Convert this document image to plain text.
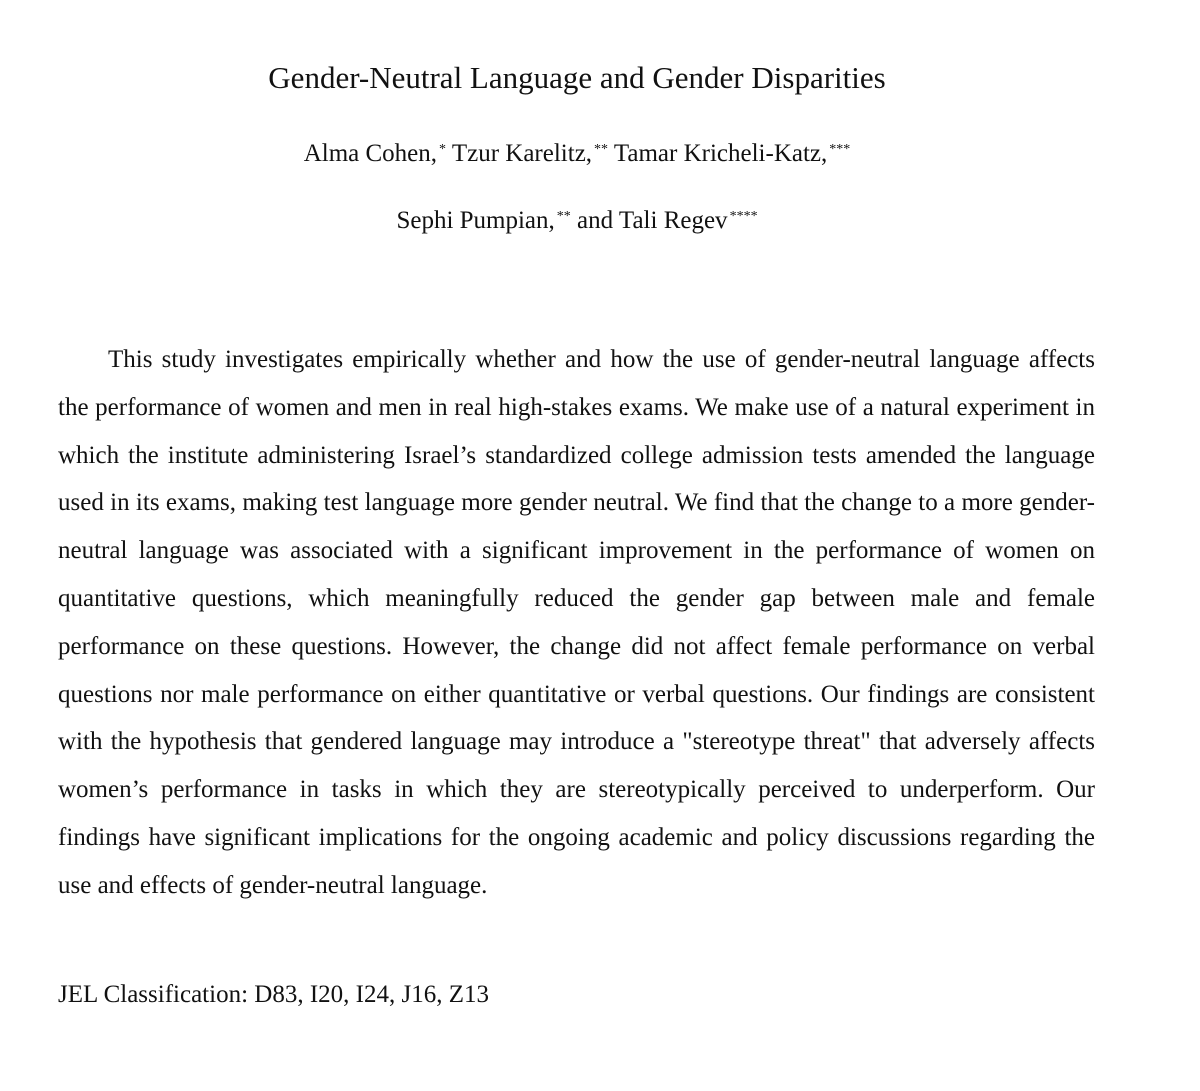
Gender-Neutral Language and Gender Disparities

Alma Cohen, * Tzur Karelitz, ** Tamar Kricheli-Katz, ***

Sephi Pumpian, ** and Tali Regev ****

This study investigates empirically whether and how the use of gender-neutral language affects the performance of women and men in real high-stakes exams. We make use of a natural experiment in which the institute administering Israel’s standardized college admission tests amended the language used in its exams, making test language more gender neutral. We find that the change to a more gender-neutral language was associated with a significant improvement in the performance of women on quantitative questions, which meaningfully reduced the gender gap between male and female performance on these questions. However, the change did not affect female performance on verbal questions nor male performance on either quantitative or verbal questions. Our findings are consistent with the hypothesis that gendered language may introduce a "stereotype threat" that adversely affects women’s performance in tasks in which they are stereotypically perceived to underperform. Our findings have significant implications for the ongoing academic and policy discussions regarding the use and effects of gender-neutral language.

JEL Classification: D83, I20, I24, J16, Z13
